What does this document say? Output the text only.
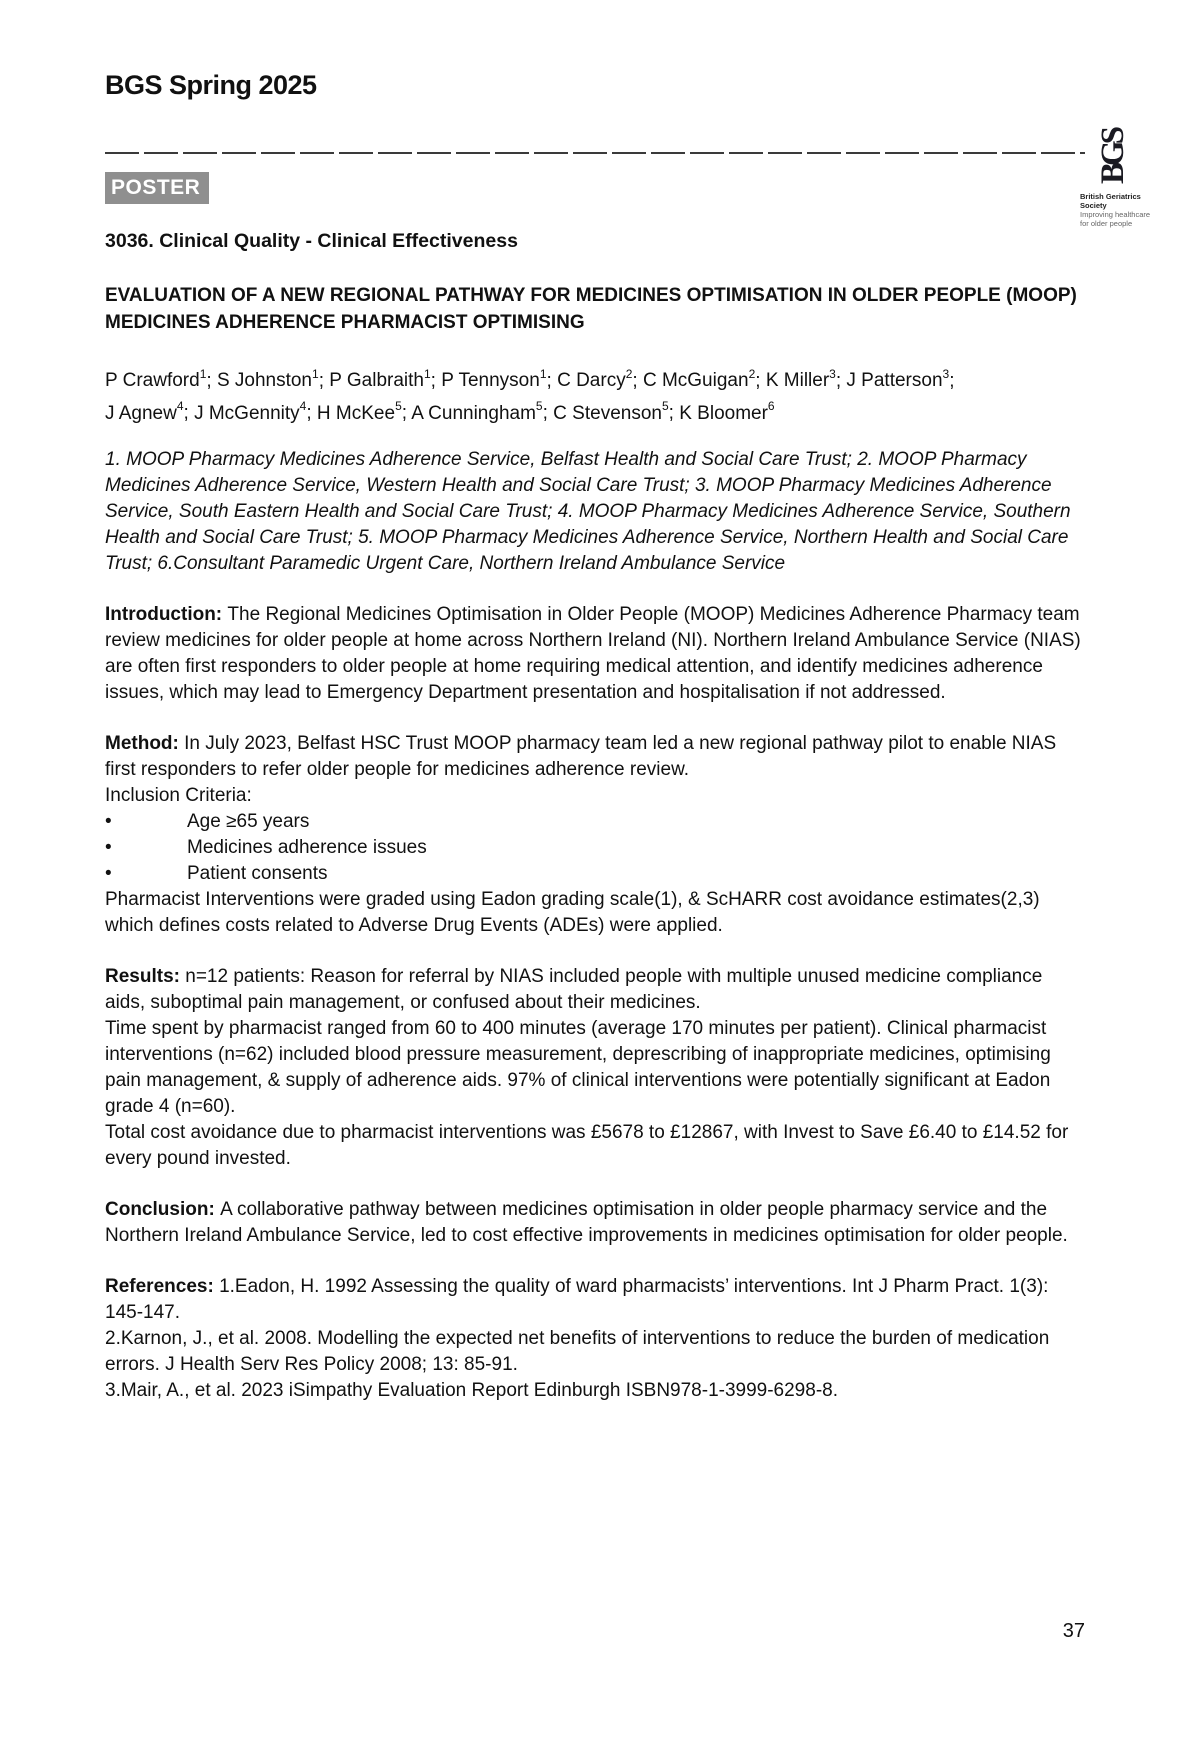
BGS Spring 2025
BGS
British Geriatrics Society
Improving healthcare
for older people
POSTER
3036. Clinical Quality - Clinical Effectiveness
EVALUATION OF A NEW REGIONAL PATHWAY FOR MEDICINES OPTIMISATION IN OLDER PEOPLE (MOOP) MEDICINES ADHERENCE PHARMACIST OPTIMISING
P Crawford$^1$; S Johnston$^1$; P Galbraith$^1$; P Tennyson$^1$; C Darcy$^2$; C McGuigan$^2$; K Miller$^3$; J Patterson$^3$;
J Agnew$^4$; J McGennity$^4$; H McKee$^5$; A Cunningham$^5$; C Stevenson$^5$; K Bloomer$^6$

1. MOOP Pharmacy Medicines Adherence Service, Belfast Health and Social Care Trust; 2. MOOP Pharmacy Medicines Adherence Service, Western Health and Social Care Trust; 3. MOOP Pharmacy Medicines Adherence Service, South Eastern Health and Social Care Trust; 4. MOOP Pharmacy Medicines Adherence Service, Southern Health and Social Care Trust; 5. MOOP Pharmacy Medicines Adherence Service, Northern Health and Social Care Trust; 6.Consultant Paramedic Urgent Care, Northern Ireland Ambulance Service

Introduction: The Regional Medicines Optimisation in Older People (MOOP) Medicines Adherence Pharmacy team review medicines for older people at home across Northern Ireland (NI). Northern Ireland Ambulance Service (NIAS) are often first responders to older people at home requiring medical attention, and identify medicines adherence issues, which may lead to Emergency Department presentation and hospitalisation if not addressed.
Method: In July 2023, Belfast HSC Trust MOOP pharmacy team led a new regional pathway pilot to enable NIAS first responders to refer older people for medicines adherence review.
Inclusion Criteria:
•	Age ≥65 years
•	Medicines adherence issues
•	Patient consents
Pharmacist Interventions were graded using Eadon grading scale(1), & ScHARR cost avoidance estimates(2,3) which defines costs related to Adverse Drug Events (ADEs) were applied.
Results: n=12 patients: Reason for referral by NIAS included people with multiple unused medicine compliance aids, suboptimal pain management, or confused about their medicines.
Time spent by pharmacist ranged from 60 to 400 minutes (average 170 minutes per patient). Clinical pharmacist interventions (n=62) included blood pressure measurement, deprescribing of inappropriate medicines, optimising pain management, & supply of adherence aids. 97% of clinical interventions were potentially significant at Eadon grade 4 (n=60).
Total cost avoidance due to pharmacist interventions was £5678 to £12867, with Invest to Save £6.40 to £14.52 for every pound invested.
Conclusion: A collaborative pathway between medicines optimisation in older people pharmacy service and the Northern Ireland Ambulance Service, led to cost effective improvements in medicines optimisation for older people.
References: 1.Eadon, H. 1992 Assessing the quality of ward pharmacists’ interventions. Int J Pharm Pract. 1(3): 145-147.
2.Karnon, J., et al. 2008. Modelling the expected net benefits of interventions to reduce the burden of medication errors. J Health Serv Res Policy 2008; 13: 85-91.
3.Mair, A., et al. 2023 iSimpathy Evaluation Report Edinburgh ISBN978-1-3999-6298-8.
37
